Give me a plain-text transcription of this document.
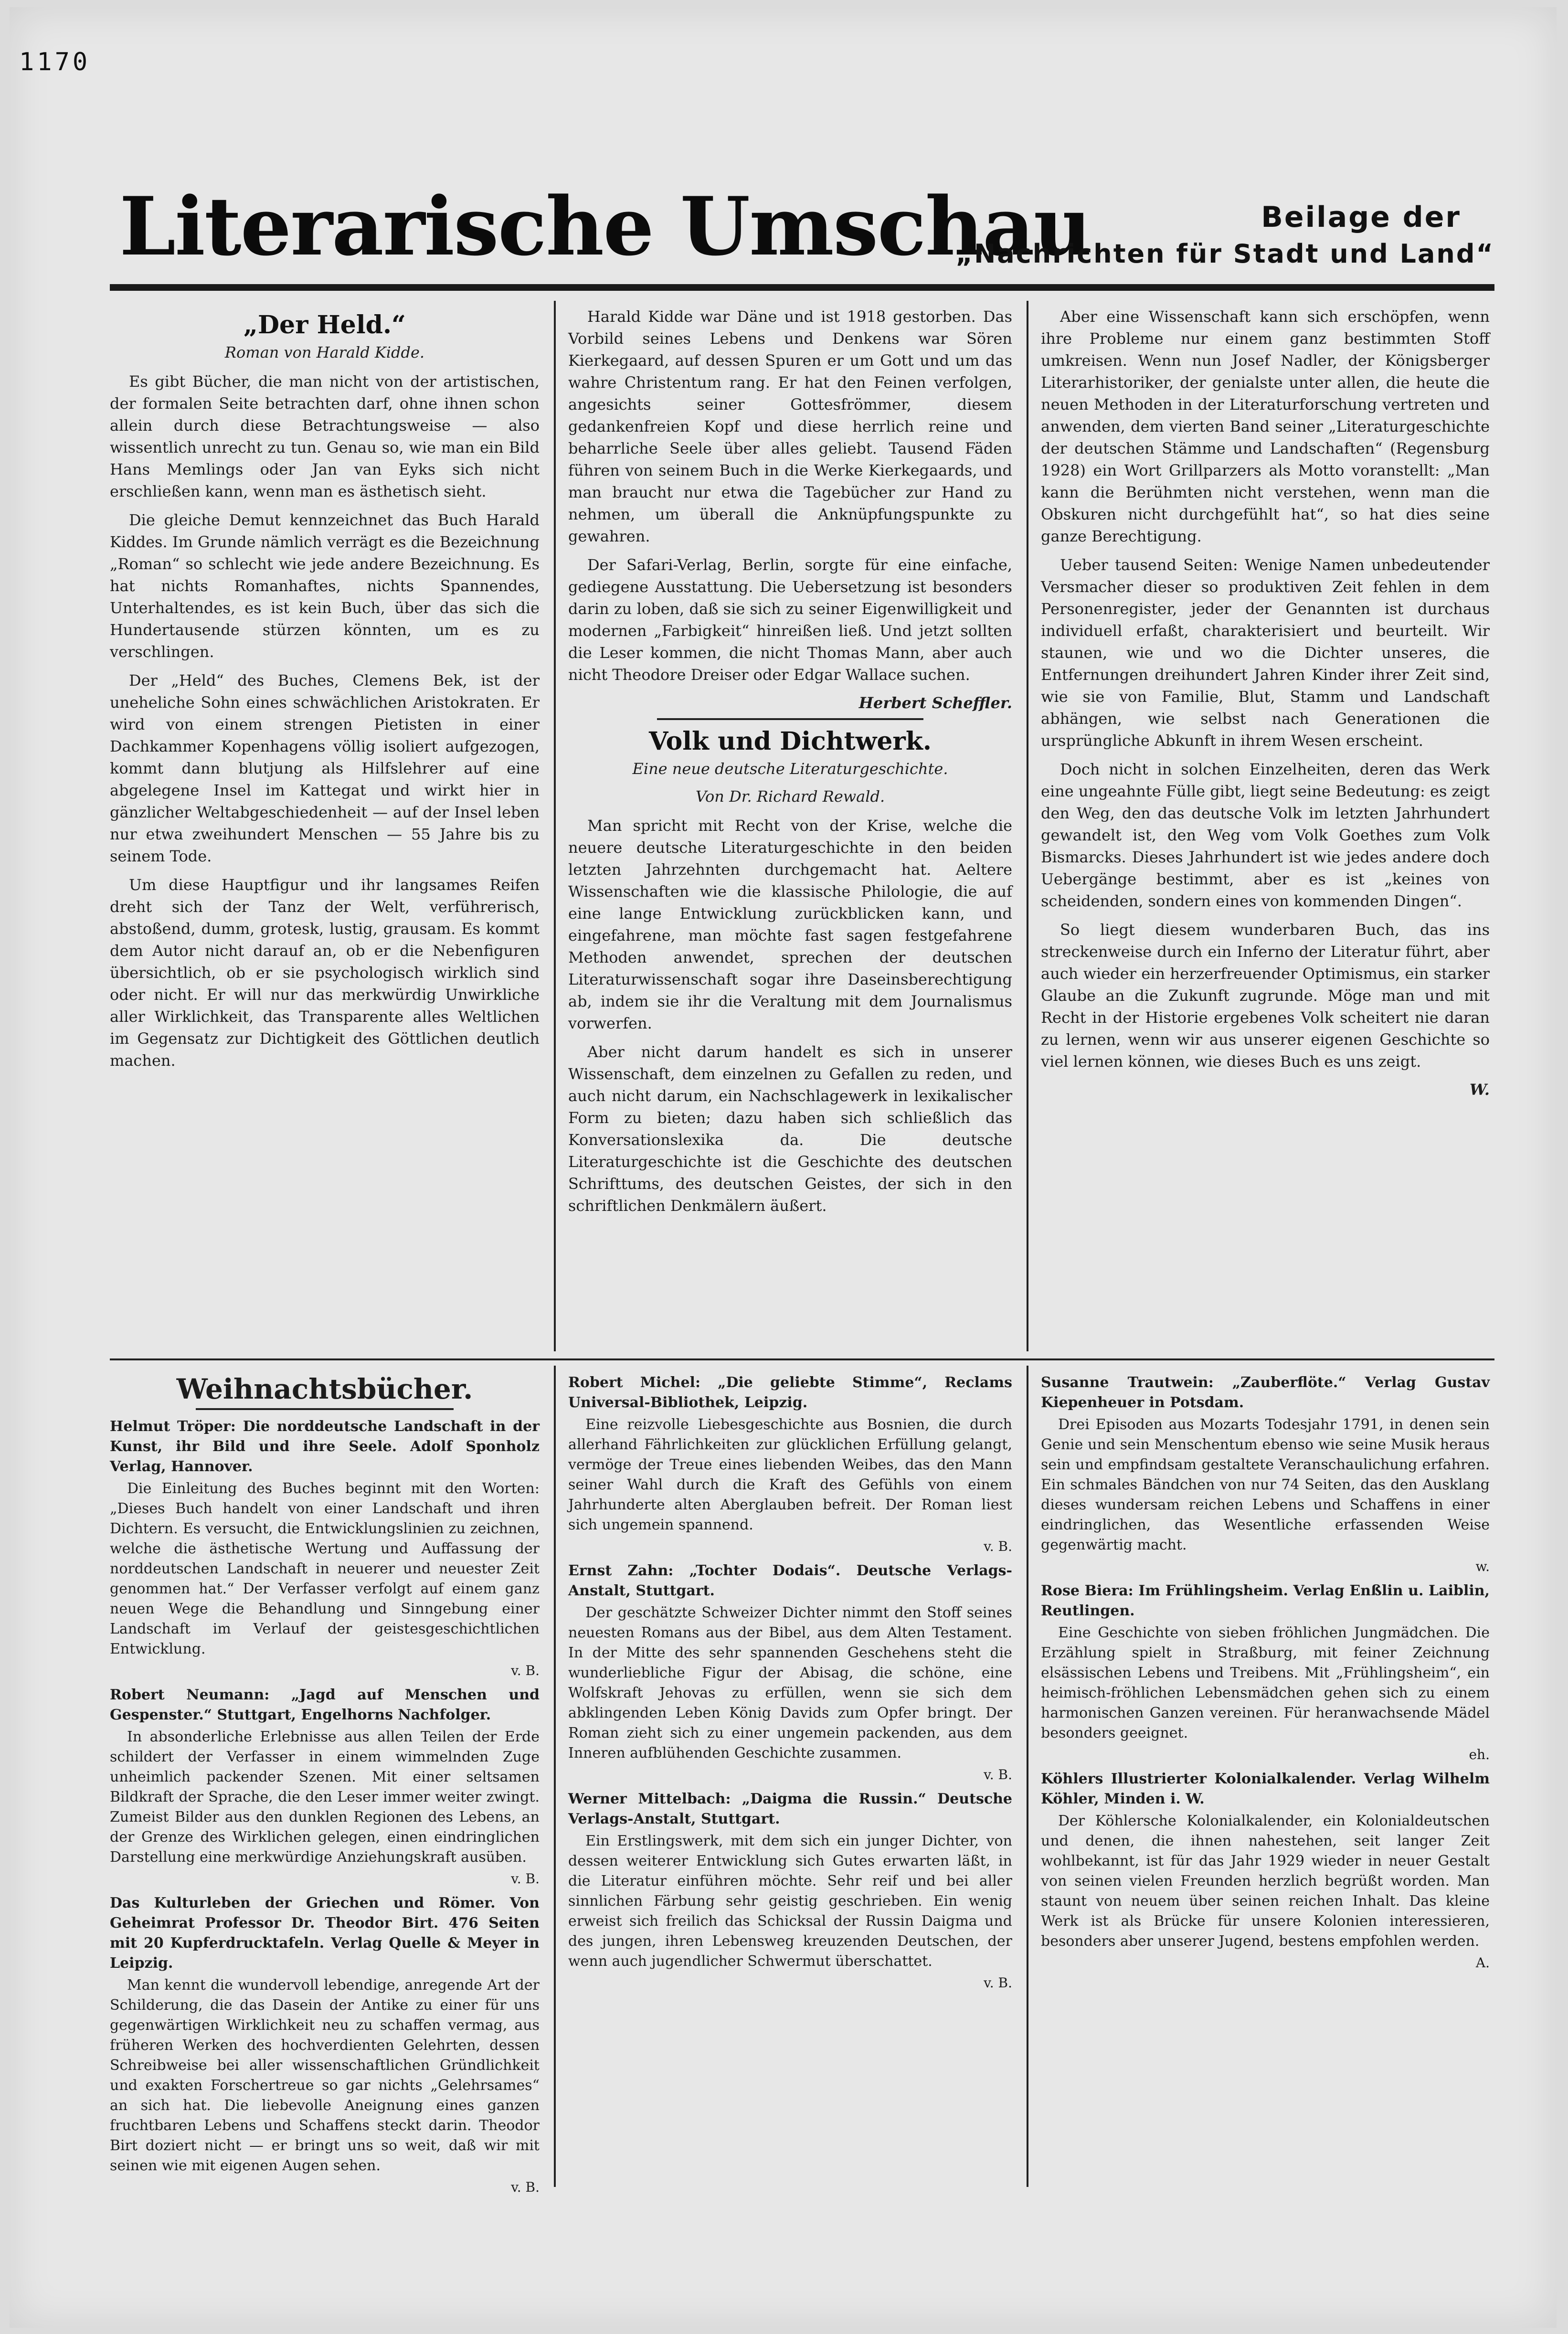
1170
Literarische Umschau	Beilage der
„Nachrichten für Stadt und Land“
„Der Held.“
Roman von Harald Kidde.

Es gibt Bücher, die man nicht von der artistischen, der formalen Seite betrachten darf, ohne ihnen schon allein durch diese Betrachtungsweise — also wissentlich unrecht zu tun. Genau so, wie man ein Bild Hans Memlings oder Jan van Eyks sich nicht erschließen kann, wenn man es ästhetisch sieht.

Die gleiche Demut kennzeichnet das Buch Harald Kiddes. Im Grunde nämlich verrägt es die Bezeichnung „Roman“ so schlecht wie jede andere Bezeichnung. Es hat nichts Romanhaftes, nichts Spannendes, Unterhaltendes, es ist kein Buch, über das sich die Hundertausende stürzen könnten, um es zu verschlingen.

Der „Held“ des Buches, Clemens Bek, ist der uneheliche Sohn eines schwächlichen Aristokraten. Er wird von einem strengen Pietisten in einer Dachkammer Kopenhagens völlig isoliert aufgezogen, kommt dann blutjung als Hilfslehrer auf eine abgelegene Insel im Kattegat und wirkt hier in gänzlicher Weltabgeschiedenheit — auf der Insel leben nur etwa zweihundert Menschen — 55 Jahre bis zu seinem Tode.

Um diese Hauptfigur und ihr langsames Reifen dreht sich der Tanz der Welt, verführerisch, abstoßend, dumm, grotesk, lustig, grausam. Es kommt dem Autor nicht darauf an, ob er die Nebenfiguren übersichtlich, ob er sie psychologisch wirklich sind oder nicht. Er will nur das merkwürdig Unwirkliche aller Wirklichkeit, das Transparente alles Weltlichen im Gegensatz zur Dichtigkeit des Göttlichen deutlich machen.

Harald Kidde war Däne und ist 1918 gestorben. Das Vorbild seines Lebens und Denkens war Sören Kierkegaard, auf dessen Spuren er um Gott und um das wahre Christentum rang. Er hat den Feinen verfolgen, angesichts seiner Gottesfrömmer, diesem gedankenfreien Kopf und diese herrlich reine und beharrliche Seele über alles geliebt. Tausend Fäden führen von seinem Buch in die Werke Kierkegaards, und man braucht nur etwa die Tagebücher zur Hand zu nehmen, um überall die Anknüpfungspunkte zu gewahren.

Der Safari-Verlag, Berlin, sorgte für eine einfache, gediegene Ausstattung. Die Uebersetzung ist besonders darin zu loben, daß sie sich zu seiner Eigenwilligkeit und modernen „Farbigkeit“ hinreißen ließ. Und jetzt sollten die Leser kommen, die nicht Thomas Mann, aber auch nicht Theodore Dreiser oder Edgar Wallace suchen.

Herbert Scheffler.
Volk und Dichtwerk.
Eine neue deutsche Literaturgeschichte.
Von Dr. Richard Rewald.

Man spricht mit Recht von der Krise, welche die neuere deutsche Literaturgeschichte in den beiden letzten Jahrzehnten durchgemacht hat. Aeltere Wissenschaften wie die klassische Philologie, die auf eine lange Entwicklung zurückblicken kann, und eingefahrene, man möchte fast sagen festgefahrene Methoden anwendet, sprechen der deutschen Literaturwissenschaft sogar ihre Daseinsberechtigung ab, indem sie ihr die Veraltung mit dem Journalismus vorwerfen.

Aber nicht darum handelt es sich in unserer Wissenschaft, dem einzelnen zu Gefallen zu reden, und auch nicht darum, ein Nachschlagewerk in lexikalischer Form zu bieten; dazu haben sich schließlich das Konversationslexika da. Die deutsche Literaturgeschichte ist die Geschichte des deutschen Schrifttums, des deutschen Geistes, der sich in den schriftlichen Denkmälern äußert.

Aber eine Wissenschaft kann sich erschöpfen, wenn ihre Probleme nur einem ganz bestimmten Stoff umkreisen. Wenn nun Josef Nadler, der Königsberger Literarhistoriker, der genialste unter allen, die heute die neuen Methoden in der Literaturforschung vertreten und anwenden, dem vierten Band seiner „Literaturgeschichte der deutschen Stämme und Landschaften“ (Regensburg 1928) ein Wort Grillparzers als Motto voranstellt: „Man kann die Berühmten nicht verstehen, wenn man die Obskuren nicht durchgefühlt hat“, so hat dies seine ganze Berechtigung.

Ueber tausend Seiten: Wenige Namen unbedeutender Versmacher dieser so produktiven Zeit fehlen in dem Personenregister, jeder der Genannten ist durchaus individuell erfaßt, charakterisiert und beurteilt. Wir staunen, wie und wo die Dichter unseres, die Entfernungen dreihundert Jahren Kinder ihrer Zeit sind, wie sie von Familie, Blut, Stamm und Landschaft abhängen, wie selbst nach Generationen die ursprüngliche Abkunft in ihrem Wesen erscheint.

Doch nicht in solchen Einzelheiten, deren das Werk eine ungeahnte Fülle gibt, liegt seine Bedeutung: es zeigt den Weg, den das deutsche Volk im letzten Jahrhundert gewandelt ist, den Weg vom Volk Goethes zum Volk Bismarcks. Dieses Jahrhundert ist wie jedes andere doch Uebergänge bestimmt, aber es ist „keines von scheidenden, sondern eines von kommenden Dingen“.

So liegt diesem wunderbaren Buch, das ins streckenweise durch ein Inferno der Literatur führt, aber auch wieder ein herzerfreuender Optimismus, ein starker Glaube an die Zukunft zugrunde. Möge man und mit Recht in der Historie ergebenes Volk scheitert nie daran zu lernen, wenn wir aus unserer eigenen Geschichte so viel lernen können, wie dieses Buch es uns zeigt.

W.
Weihnachtsbücher.
Helmut Tröper: Die norddeutsche Landschaft in der Kunst, ihr Bild und ihre Seele. Adolf Sponholz Verlag, Hannover.

Die Einleitung des Buches beginnt mit den Worten: „Dieses Buch handelt von einer Landschaft und ihren Dichtern. Es versucht, die Entwicklungslinien zu zeichnen, welche die ästhetische Wertung und Auffassung der norddeutschen Landschaft in neuerer und neuester Zeit genommen hat.“ Der Verfasser verfolgt auf einem ganz neuen Wege die Behandlung und Sinngebung einer Landschaft im Verlauf der geistesgeschichtlichen Entwicklung.

v. B.
Robert Neumann: „Jagd auf Menschen und Gespenster.“ Stuttgart, Engelhorns Nachfolger.

In absonderliche Erlebnisse aus allen Teilen der Erde schildert der Verfasser in einem wimmelnden Zuge unheimlich packender Szenen. Mit einer seltsamen Bildkraft der Sprache, die den Leser immer weiter zwingt. Zumeist Bilder aus den dunklen Regionen des Lebens, an der Grenze des Wirklichen gelegen, einen eindringlichen Darstellung eine merkwürdige Anziehungskraft ausüben.

v. B.
Das Kulturleben der Griechen und Römer. Von Geheimrat Professor Dr. Theodor Birt. 476 Seiten mit 20 Kupferdrucktafeln. Verlag Quelle & Meyer in Leipzig.

Man kennt die wundervoll lebendige, anregende Art der Schilderung, die das Dasein der Antike zu einer für uns gegenwärtigen Wirklichkeit neu zu schaffen vermag, aus früheren Werken des hochverdienten Gelehrten, dessen Schreibweise bei aller wissenschaftlichen Gründlichkeit und exakten Forschertreue so gar nichts „Gelehrsames“ an sich hat. Die liebevolle Aneignung eines ganzen fruchtbaren Lebens und Schaffens steckt darin. Theodor Birt doziert nicht — er bringt uns so weit, daß wir mit seinen wie mit eigenen Augen sehen.

v. B.
Robert Michel: „Die geliebte Stimme“, Reclams Universal-Bibliothek, Leipzig.

Eine reizvolle Liebesgeschichte aus Bosnien, die durch allerhand Fährlichkeiten zur glücklichen Erfüllung gelangt, vermöge der Treue eines liebenden Weibes, das den Mann seiner Wahl durch die Kraft des Gefühls von einem Jahrhunderte alten Aberglauben befreit. Der Roman liest sich ungemein spannend.

v. B.
Ernst Zahn: „Tochter Dodais“. Deutsche Verlags-Anstalt, Stuttgart.

Der geschätzte Schweizer Dichter nimmt den Stoff seines neuesten Romans aus der Bibel, aus dem Alten Testament. In der Mitte des sehr spannenden Geschehens steht die wunderliebliche Figur der Abisag, die schöne, eine Wolfskraft Jehovas zu erfüllen, wenn sie sich dem abklingenden Leben König Davids zum Opfer bringt. Der Roman zieht sich zu einer ungemein packenden, aus dem Inneren aufblühenden Geschichte zusammen.

v. B.
Werner Mittelbach: „Daigma die Russin.“ Deutsche Verlags-Anstalt, Stuttgart.

Ein Erstlingswerk, mit dem sich ein junger Dichter, von dessen weiterer Entwicklung sich Gutes erwarten läßt, in die Literatur einführen möchte. Sehr reif und bei aller sinnlichen Färbung sehr geistig geschrieben. Ein wenig erweist sich freilich das Schicksal der Russin Daigma und des jungen, ihren Lebensweg kreuzenden Deutschen, der wenn auch jugendlicher Schwermut überschattet.

v. B.
Susanne Trautwein: „Zauberflöte.“ Verlag Gustav Kiepenheuer in Potsdam.

Drei Episoden aus Mozarts Todesjahr 1791, in denen sein Genie und sein Menschentum ebenso wie seine Musik heraus sein und empfindsam gestaltete Veranschaulichung erfahren. Ein schmales Bändchen von nur 74 Seiten, das den Ausklang dieses wundersam reichen Lebens und Schaffens in einer eindringlichen, das Wesentliche erfassenden Weise gegenwärtig macht.

w.
Rose Biera: Im Frühlingsheim. Verlag Enßlin u. Laiblin, Reutlingen.

Eine Geschichte von sieben fröhlichen Jungmädchen. Die Erzählung spielt in Straßburg, mit feiner Zeichnung elsässischen Lebens und Treibens. Mit „Frühlingsheim“, ein heimisch-fröhlichen Lebensmädchen gehen sich zu einem harmonischen Ganzen vereinen. Für heranwachsende Mädel besonders geeignet.

eh.
Köhlers Illustrierter Kolonialkalender. Verlag Wilhelm Köhler, Minden i. W.

Der Köhlersche Kolonialkalender, ein Kolonialdeutschen und denen, die ihnen nahestehen, seit langer Zeit wohlbekannt, ist für das Jahr 1929 wieder in neuer Gestalt von seinen vielen Freunden herzlich begrüßt worden. Man staunt von neuem über seinen reichen Inhalt. Das kleine Werk ist als Brücke für unsere Kolonien interessieren, besonders aber unserer Jugend, bestens empfohlen werden.

A.
